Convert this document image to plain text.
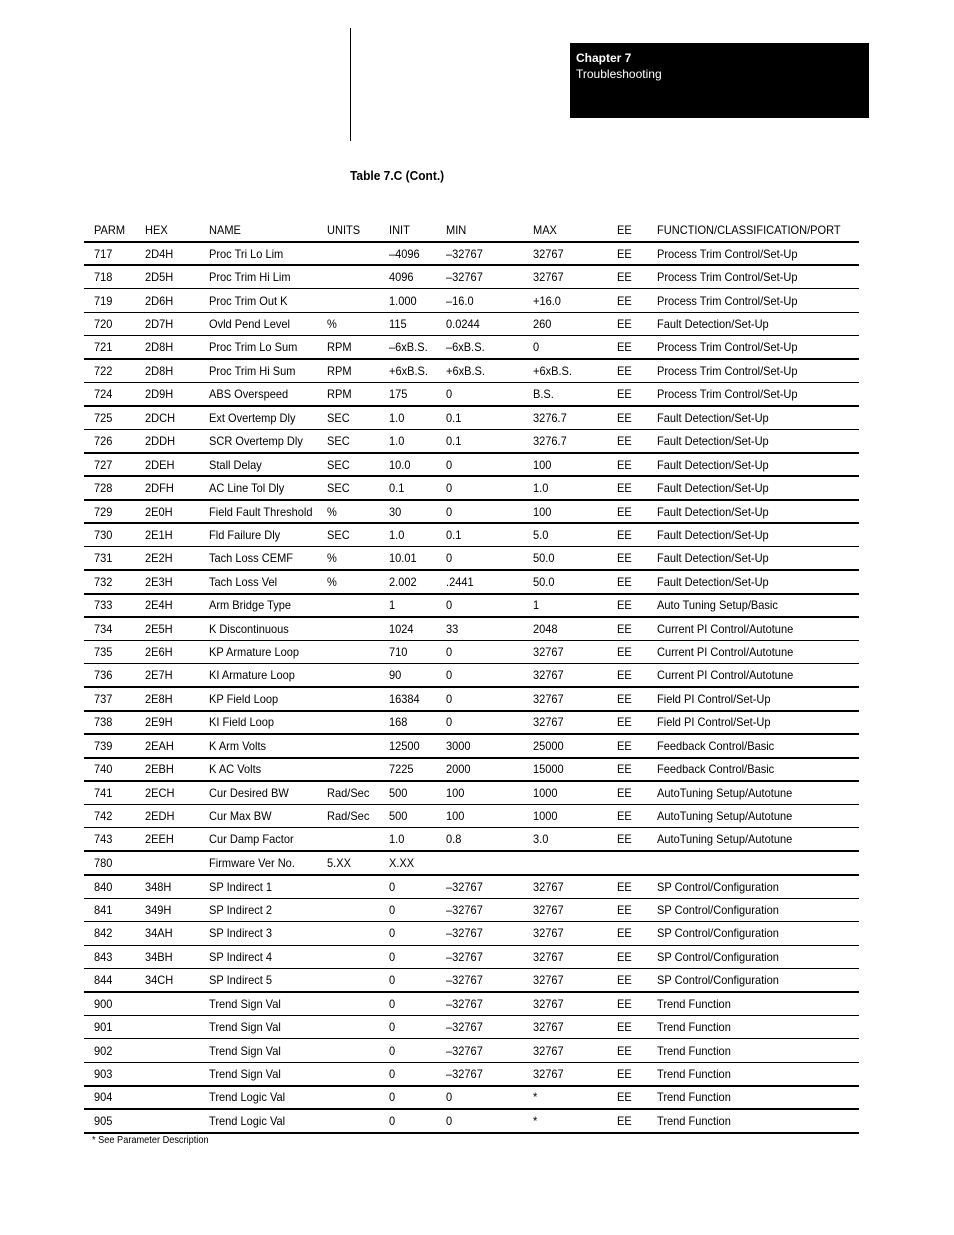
Chapter 7
Troubleshooting
Table 7.C (Cont.)
PARM	HEX	NAME	UNITS	INIT	MIN	MAX	EE	FUNCTION/CLASSIFICATION/PORT
717	2D4H	Proc Tri Lo Lim		–4096	–32767	32767	EE	Process Trim Control/Set-Up
718	2D5H	Proc Trim Hi Lim		4096	–32767	32767	EE	Process Trim Control/Set-Up
719	2D6H	Proc Trim Out K		1.000	–16.0	+16.0	EE	Process Trim Control/Set-Up
720	2D7H	Ovld Pend Level	%	115	0.0244	260	EE	Fault Detection/Set-Up
721	2D8H	Proc Trim Lo Sum	RPM	–6xB.S.	–6xB.S.	0	EE	Process Trim Control/Set-Up
722	2D8H	Proc Trim Hi Sum	RPM	+6xB.S.	+6xB.S.	+6xB.S.	EE	Process Trim Control/Set-Up
724	2D9H	ABS Overspeed	RPM	175	0	B.S.	EE	Process Trim Control/Set-Up
725	2DCH	Ext Overtemp Dly	SEC	1.0	0.1	3276.7	EE	Fault Detection/Set-Up
726	2DDH	SCR Overtemp Dly	SEC	1.0	0.1	3276.7	EE	Fault Detection/Set-Up
727	2DEH	Stall Delay	SEC	10.0	0	100	EE	Fault Detection/Set-Up
728	2DFH	AC Line Tol Dly	SEC	0.1	0	1.0	EE	Fault Detection/Set-Up
729	2E0H	Field Fault Threshold	%	30	0	100	EE	Fault Detection/Set-Up
730	2E1H	Fld Failure Dly	SEC	1.0	0.1	5.0	EE	Fault Detection/Set-Up
731	2E2H	Tach Loss CEMF	%	10.01	0	50.0	EE	Fault Detection/Set-Up
732	2E3H	Tach Loss Vel	%	2.002	.2441	50.0	EE	Fault Detection/Set-Up
733	2E4H	Arm Bridge Type		1	0	1	EE	Auto Tuning Setup/Basic
734	2E5H	K Discontinuous		1024	33	2048	EE	Current PI Control/Autotune
735	2E6H	KP Armature Loop		710	0	32767	EE	Current PI Control/Autotune
736	2E7H	KI Armature Loop		90	0	32767	EE	Current PI Control/Autotune
737	2E8H	KP Field Loop		16384	0	32767	EE	Field PI Control/Set-Up
738	2E9H	KI Field Loop		168	0	32767	EE	Field PI Control/Set-Up
739	2EAH	K Arm Volts		12500	3000	25000	EE	Feedback Control/Basic
740	2EBH	K AC Volts		7225	2000	15000	EE	Feedback Control/Basic
741	2ECH	Cur Desired BW	Rad/Sec	500	100	1000	EE	AutoTuning Setup/Autotune
742	2EDH	Cur Max BW	Rad/Sec	500	100	1000	EE	AutoTuning Setup/Autotune
743	2EEH	Cur Damp Factor		1.0	0.8	3.0	EE	AutoTuning Setup/Autotune
780		Firmware Ver No.	5.XX	X.XX				
840	348H	SP Indirect 1		0	–32767	32767	EE	SP Control/Configuration
841	349H	SP Indirect 2		0	–32767	32767	EE	SP Control/Configuration
842	34AH	SP Indirect 3		0	–32767	32767	EE	SP Control/Configuration
843	34BH	SP Indirect 4		0	–32767	32767	EE	SP Control/Configuration
844	34CH	SP Indirect 5		0	–32767	32767	EE	SP Control/Configuration
900		Trend Sign Val		0	–32767	32767	EE	Trend Function
901		Trend Sign Val		0	–32767	32767	EE	Trend Function
902		Trend Sign Val		0	–32767	32767	EE	Trend Function
903		Trend Sign Val		0	–32767	32767	EE	Trend Function
904		Trend Logic Val		0	0	*	EE	Trend Function
905		Trend Logic Val		0	0	*	EE	Trend Function
* See Parameter Description
